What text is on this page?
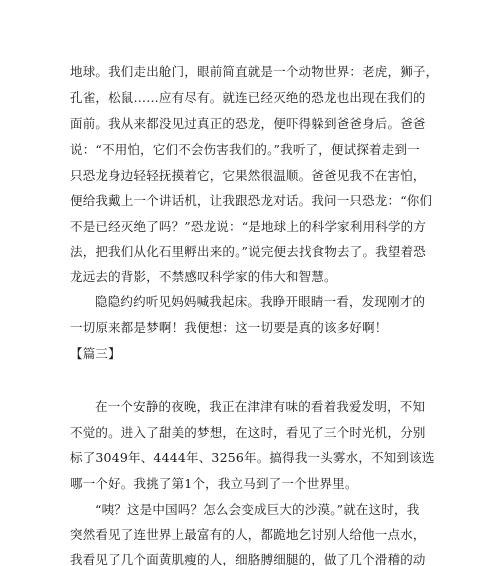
地球。我们走出舱门，眼前简直就是一个动物世界：老虎，狮子，
孔雀，松鼠……应有尽有。就连已经灭绝的恐龙也出现在我们的
面前。我从来都没见过真正的恐龙，便吓得躲到爸爸身后。爸爸
说：“不用怕，它们不会伤害我们的。”我听了，便试探着走到一
只恐龙身边轻轻抚摸着它，它果然很温顺。爸爸见我不在害怕，
便给我戴上一个讲话机，让我跟恐龙对话。我问一只恐龙：“你们
不是已经灭绝了吗？”恐龙说：“是地球上的科学家利用科学的方
法，把我们从化石里孵出来的。”说完便去找食物去了。我望着恐
龙远去的背影，不禁感叹科学家的伟大和智慧。
隐隐约约听见妈妈喊我起床。我睁开眼睛一看，发现刚才的
一切原来都是梦啊！我便想：这一切要是真的该多好啊！
【篇三】
在一个安静的夜晚，我正在津津有味的看着我爱发明，不知
不觉的。进入了甜美的梦想，在这时，看见了三个时光机，分别
标了3049年、4444年、3256年。搞得我一头雾水，不知到该选
哪一个好。我挑了第1个，我立马到了一个世界里。
“咦？这是中国吗？怎么会变成巨大的沙漠。”就在这时，我
突然看见了连世界上最富有的人，都跪地乞讨别人给他一点水，
我看见了几个面黄肌瘦的人，细胳膊细腿的，做了几个滑稽的动
